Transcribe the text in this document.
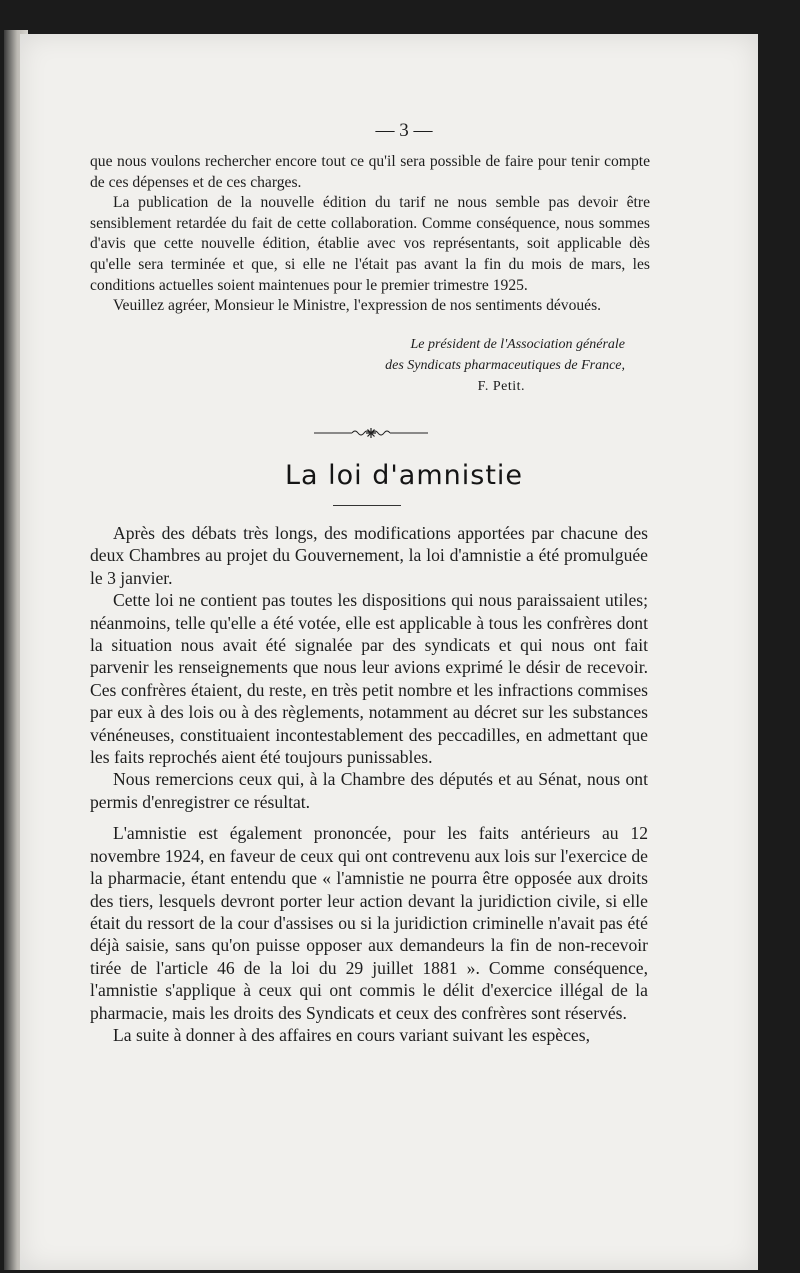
— 3 —

que nous voulons rechercher encore tout ce qu'il sera possible de faire pour tenir compte de ces dépenses et de ces charges.

La publication de la nouvelle édition du tarif ne nous semble pas devoir être sensiblement retardée du fait de cette collaboration. Comme conséquence, nous sommes d'avis que cette nouvelle édition, établie avec vos représentants, soit applicable dès qu'elle sera terminée et que, si elle ne l'était pas avant la fin du mois de mars, les conditions actuelles soient maintenues pour le premier trimestre 1925.

Veuillez agréer, Monsieur le Ministre, l'expression de nos sentiments dévoués.

Le président de l'Association générale
des Syndicats pharmaceutiques de France,
F. Petit.
La loi d'amnistie

Après des débats très longs, des modifications apportées par chacune des deux Chambres au projet du Gouvernement, la loi d'amnistie a été promulguée le 3 janvier.

Cette loi ne contient pas toutes les dispositions qui nous paraissaient utiles; néanmoins, telle qu'elle a été votée, elle est applicable à tous les confrères dont la situation nous avait été signalée par des syndicats et qui nous ont fait parvenir les renseignements que nous leur avions exprimé le désir de recevoir. Ces confrères étaient, du reste, en très petit nombre et les infractions commises par eux à des lois ou à des règlements, notamment au décret sur les substances vénéneuses, constituaient incontestablement des peccadilles, en admettant que les faits reprochés aient été toujours punissables.

Nous remercions ceux qui, à la Chambre des députés et au Sénat, nous ont permis d'enregistrer ce résultat.

L'amnistie est également prononcée, pour les faits antérieurs au 12 novembre 1924, en faveur de ceux qui ont contrevenu aux lois sur l'exercice de la pharmacie, étant entendu que « l'amnistie ne pourra être opposée aux droits des tiers, lesquels devront porter leur action devant la juridiction civile, si elle était du ressort de la cour d'assises ou si la juridiction criminelle n'avait pas été déjà saisie, sans qu'on puisse opposer aux demandeurs la fin de non-recevoir tirée de l'article 46 de la loi du 29 juillet 1881 ». Comme conséquence, l'amnistie s'applique à ceux qui ont commis le délit d'exercice illégal de la pharmacie, mais les droits des Syndicats et ceux des confrères sont réservés.

La suite à donner à des affaires en cours variant suivant les espèces,
